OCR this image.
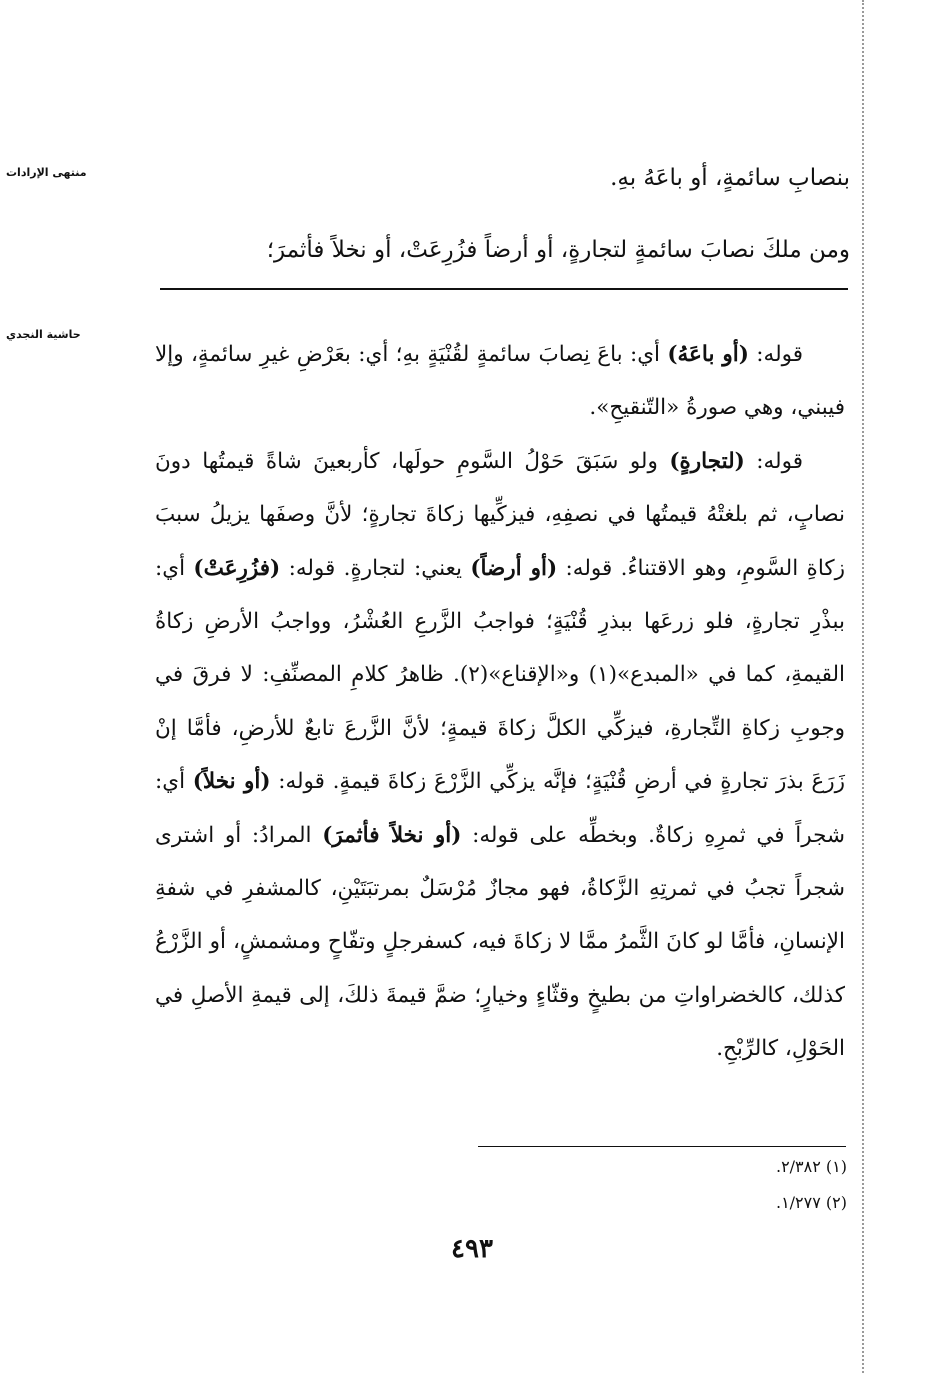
منتهى الإرادات	بنصابِ سائمةٍ، أو باعَهُ بهِ.
ومن ملكَ نصابَ سائمةٍ لتجارةٍ، أو أرضاً فزُرِعَتْ، أو نخلاً فأثمرَ؛
حاشية النجدي

قوله: (أو باعَهُ) أي: باعَ نِصابَ سائمةٍ لقُنْيَةٍ بهِ؛ أي: بعَرْضِ غيرِ سائمةٍ، وإلا فيبني، وهي صورةُ «التّنقيحِ».

قوله: (لتجارةٍ) ولو سَبَقَ حَوْلُ السَّومِ حولَها، كأربعينَ شاةً قيمتُها دونَ نصابٍ، ثم بلغتْهُ قيمتُها في نصفِهِ، فيزكِّيها زكاةَ تجارةٍ؛ لأنَّ وصفَها يزيلُ سببَ زكاةِ السَّومِ، وهو الاقتناءُ. قوله: (أو أرضاً) يعني: لتجارةٍ. قوله: (فزُرِعَتْ) أي: ببذْرِ تجارةٍ، فلو زرعَها ببذرِ قُنْيَةٍ؛ فواجبُ الزَّرعِ العُشْرُ، وواجبُ الأرضِ زكاةُ القيمةِ، كما في «المبدع»(١) و«الإقناع»(٢). ظاهرُ كلامِ المصنِّفِ: لا فرقَ في وجوبِ زكاةِ التِّجارةِ، فيزكِّي الكلَّ زكاةَ قيمةٍ؛ لأنَّ الزَّرعَ تابعٌ للأرضِ، فأمَّا إنْ زَرَعَ بذرَ تجارةٍ في أرضِ قُنْيَةٍ؛ فإنَّه يزكِّي الزَّرْعَ زكاةَ قيمةٍ. قوله: (أو نخلاً) أي: شجراً في ثمرِهِ زكاةٌ. وبخطِّه على قوله: (أو نخلاً فأثمرَ) المرادُ: أو اشترى شجراً تجبُ في ثمرتِهِ الزَّكاةُ، فهو مجازٌ مُرْسَلٌ بمرتبَتَيْنِ، كالمشفرِ في شفةِ الإنسانِ، فأمَّا لو كانَ الثَّمرُ ممَّا لا زكاةَ فيه، كسفرجلٍ وتفّاحٍ ومشمشٍ، أو الزَّرْعُ كذلك، كالخضراواتِ من بطيخٍ وقثّاءٍ وخيارٍ؛ ضمَّ قيمةَ ذلكَ، إلى قيمةِ الأصلِ في الحَوْلِ، كالرِّبْحِ.

(١) ٢/٣٨٢.
(٢) ١/٢٧٧.
٤٩٣
